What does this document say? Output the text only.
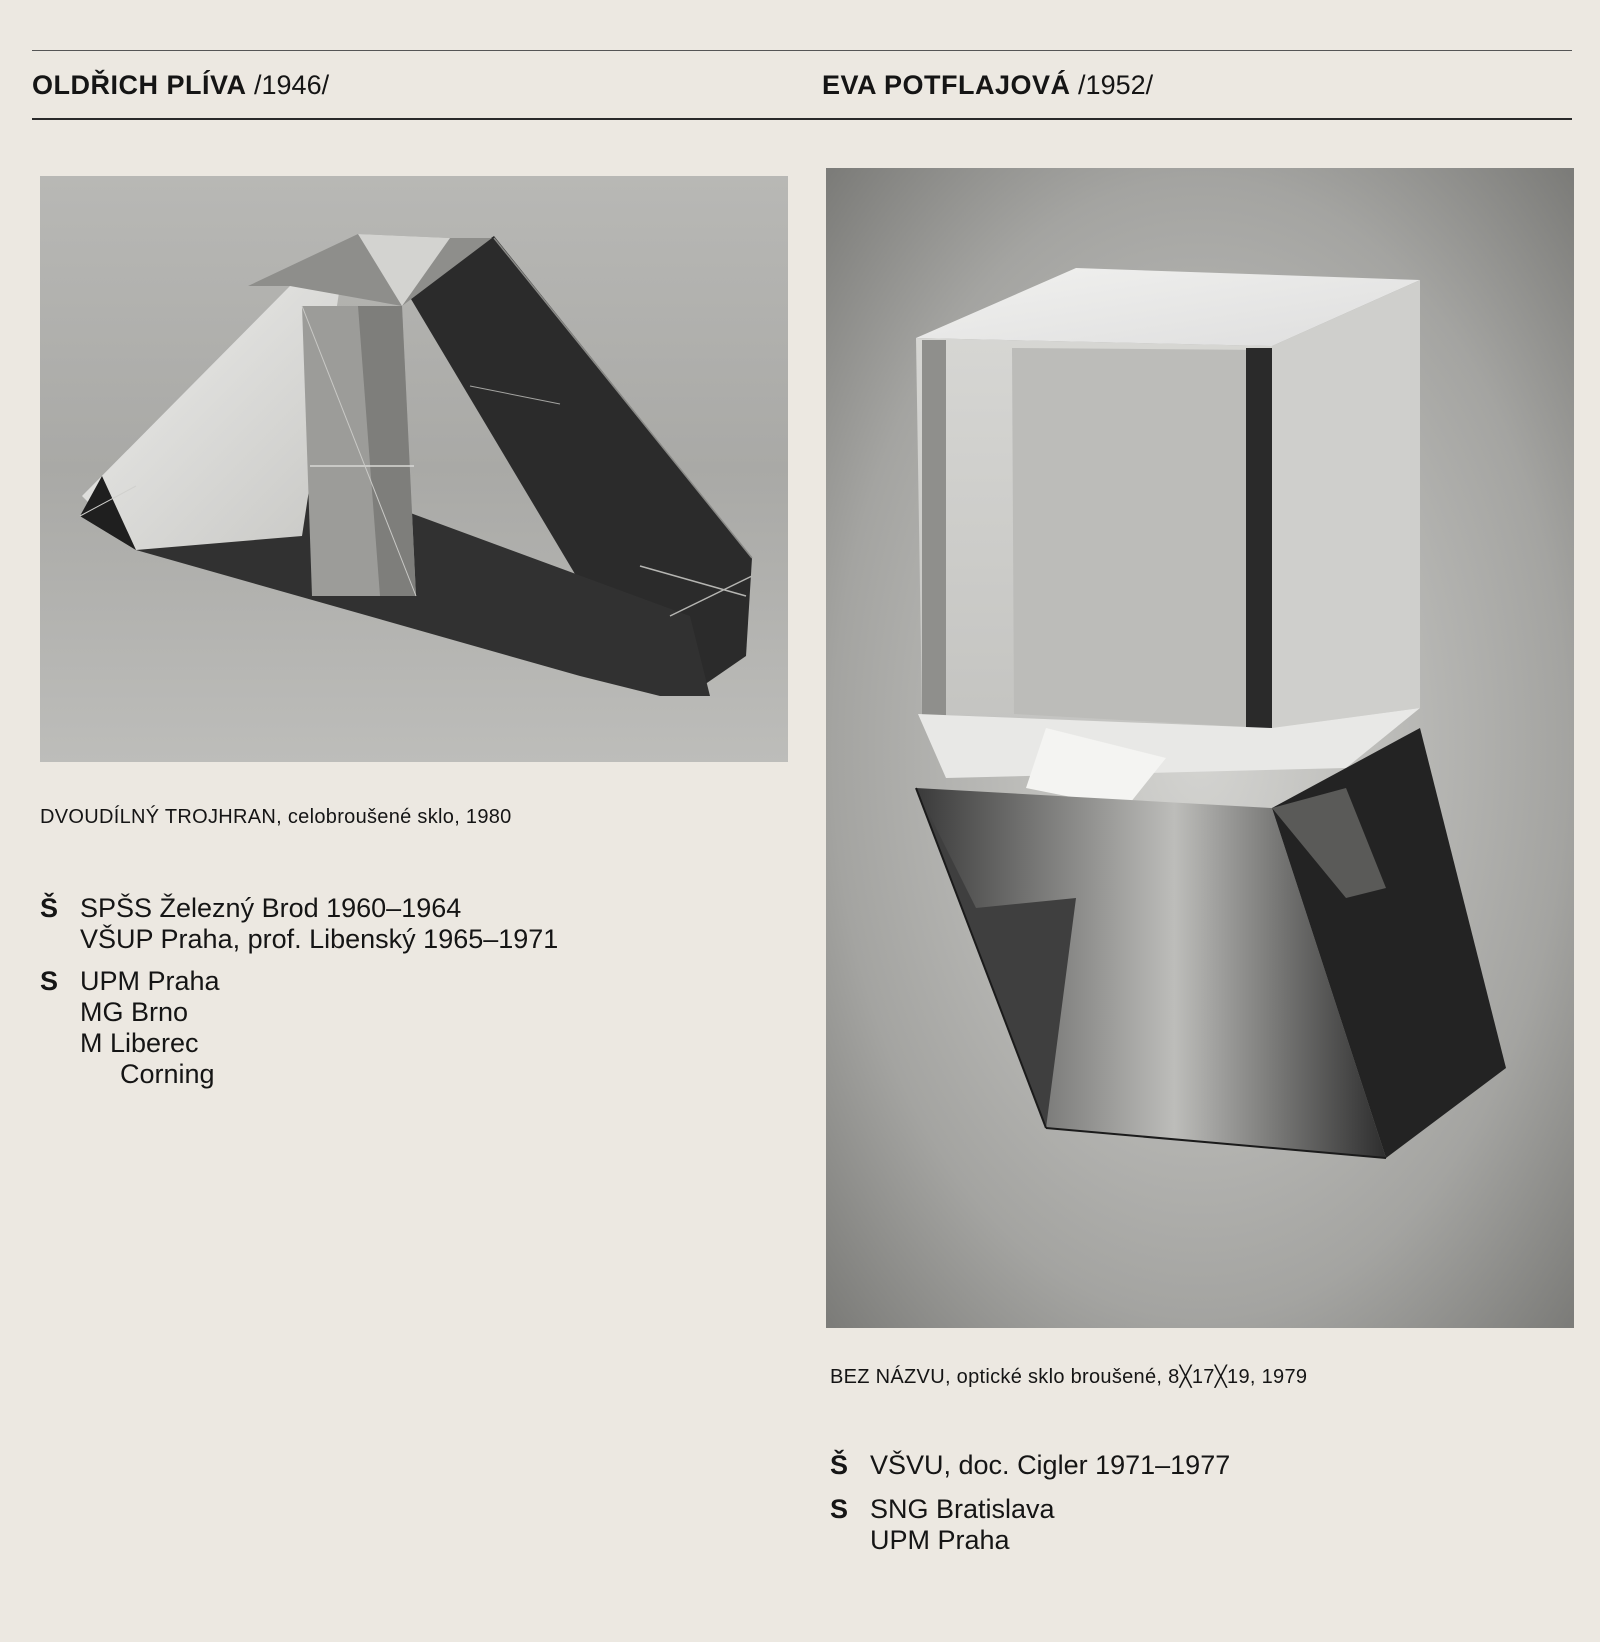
OLDŘICH PLÍVA /1946/	EVA POTFLAJOVÁ /1952/
DVOUDÍLNÝ TROJHRAN, celobroušené sklo, 1980
Š SPŠS Železný Brod 1960–1964
VŠUP Praha, prof. Libenský 1965–1971
S UPM Praha
MG Brno
M Liberec
Corning
BEZ NÁZVU, optické sklo broušené, 8╳17╳19, 1979
Š VŠVU, doc. Cigler 1971–1977
S SNG Bratislava
UPM Praha
